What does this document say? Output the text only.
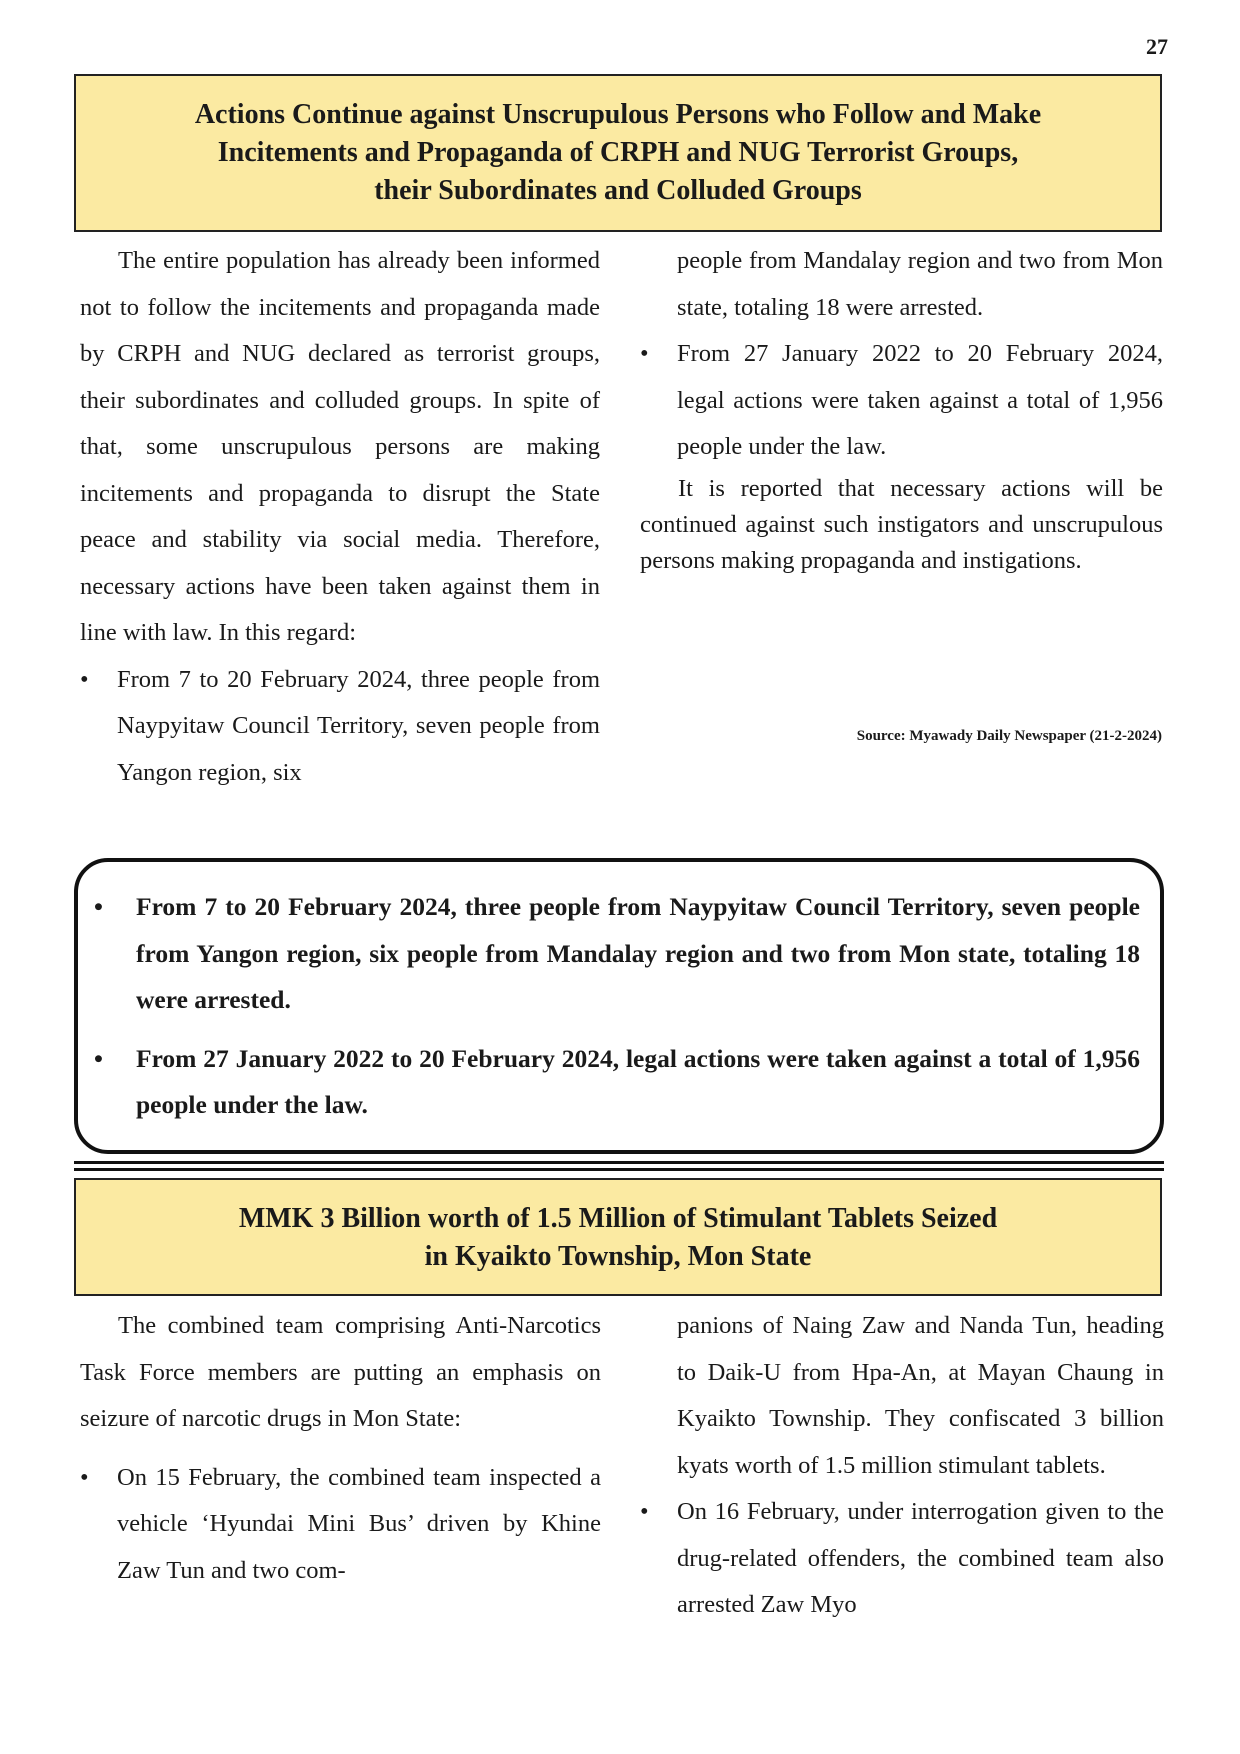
27
Actions Continue against Unscrupulous Persons who Follow and Make
Incitements and Propaganda of CRPH and NUG Terrorist Groups,
their Subordinates and Colluded Groups

The entire population has already been informed not to follow the incitements and propaganda made by CRPH and NUG declared as terrorist groups, their subordinates and colluded groups. In spite of that, some unscrupulous persons are making incitements and propaganda to disrupt the State peace and stability via social media. Therefore, necessary actions have been taken against them in line with law. In this regard:

• From 7 to 20 February 2024, three people from Naypyitaw Council Territory, seven people from Yangon region, six
people from Mandalay region and two from Mon state, totaling 18 were arrested.
• From 27 January 2022 to 20 February 2024, legal actions were taken against a total of 1,956 people under the law.

It is reported that necessary actions will be continued against such instigators and unscrupulous persons making propaganda and instigations.

Source: Myawady Daily Newspaper (21-2-2024)
• From 7 to 20 February 2024, three people from Naypyitaw Council Territory, seven people from Yangon region, six people from Mandalay region and two from Mon state, totaling 18 were arrested.
• From 27 January 2022 to 20 February 2024, legal actions were taken against a total of 1,956 people under the law.
MMK 3 Billion worth of 1.5 Million of Stimulant Tablets Seized
in Kyaikto Township, Mon State

The combined team comprising Anti-Narcotics Task Force members are putting an emphasis on seizure of narcotic drugs in Mon State:

• On 15 February, the combined team inspected a vehicle ‘Hyundai Mini Bus’ driven by Khine Zaw Tun and two com-
panions of Naing Zaw and Nanda Tun, heading to Daik-U from Hpa-An, at Mayan Chaung in Kyaikto Township. They confiscated 3 billion kyats worth of 1.5 million stimulant tablets.
• On 16 February, under interrogation given to the drug-related offenders, the combined team also arrested Zaw Myo
